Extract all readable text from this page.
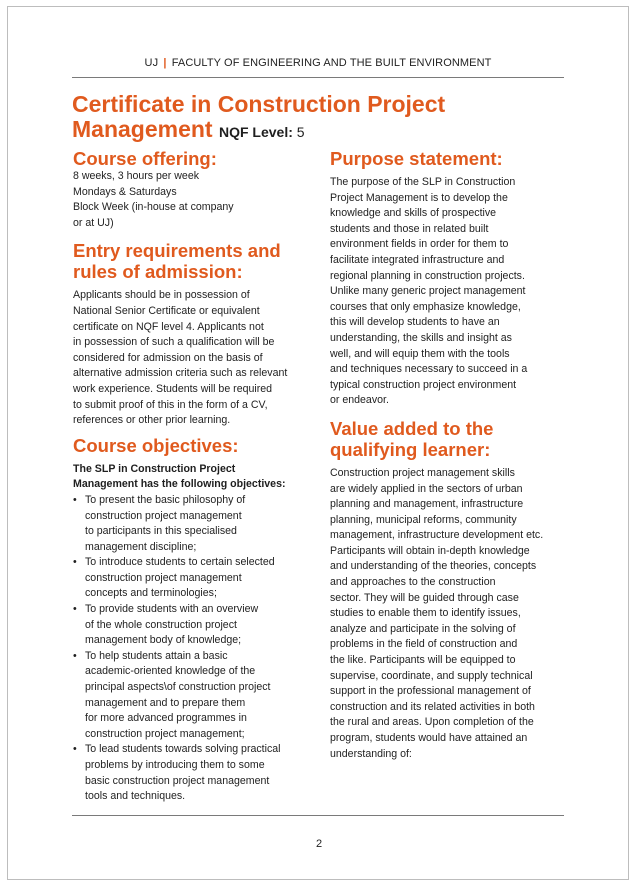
UJ | FACULTY OF ENGINEERING AND THE BUILT ENVIRONMENT
Certificate in Construction Project
Management NQF Level: 5
Course offering:
8 weeks, 3 hours per week
Mondays & Saturdays
Block Week (in-house at company
or at UJ)
Entry requirements and
rules of admission:
Applicants should be in possession of
National Senior Certificate or equivalent
certificate on NQF level 4. Applicants not
in possession of such a qualification will be
considered for admission on the basis of
alternative admission criteria such as relevant
work experience. Students will be required
to submit proof of this in the form of a CV,
references or other prior learning.
Course objectives:
The SLP in Construction Project
Management has the following objectives:
• To present the basic philosophy of
construction project management
to participants in this specialised
management discipline;
• To introduce students to certain selected
construction project management
concepts and terminologies;
• To provide students with an overview
of the whole construction project
management body of knowledge;
• To help students attain a basic
academic-oriented knowledge of the
principal aspects\of construction project
management and to prepare them
for more advanced programmes in
construction project management;
• To lead students towards solving practical
problems by introducing them to some
basic construction project management
tools and techniques.
Purpose statement:
The purpose of the SLP in Construction
Project Management is to develop the
knowledge and skills of prospective
students and those in related built
environment fields in order for them to
facilitate integrated infrastructure and
regional planning in construction projects.
Unlike many generic project management
courses that only emphasize knowledge,
this will develop students to have an
understanding, the skills and insight as
well, and will equip them with the tools
and techniques necessary to succeed in a
typical construction project environment
or endeavor.
Value added to the
qualifying learner:
Construction project management skills
are widely applied in the sectors of urban
planning and management, infrastructure
planning, municipal reforms, community
management, infrastructure development etc.
Participants will obtain in-depth knowledge
and understanding of the theories, concepts
and approaches to the construction
sector. They will be guided through case
studies to enable them to identify issues,
analyze and participate in the solving of
problems in the field of construction and
the like. Participants will be equipped to
supervise, coordinate, and supply technical
support in the professional management of
construction and its related activities in both
the rural and areas. Upon completion of the
program, students would have attained an
understanding of:
2
